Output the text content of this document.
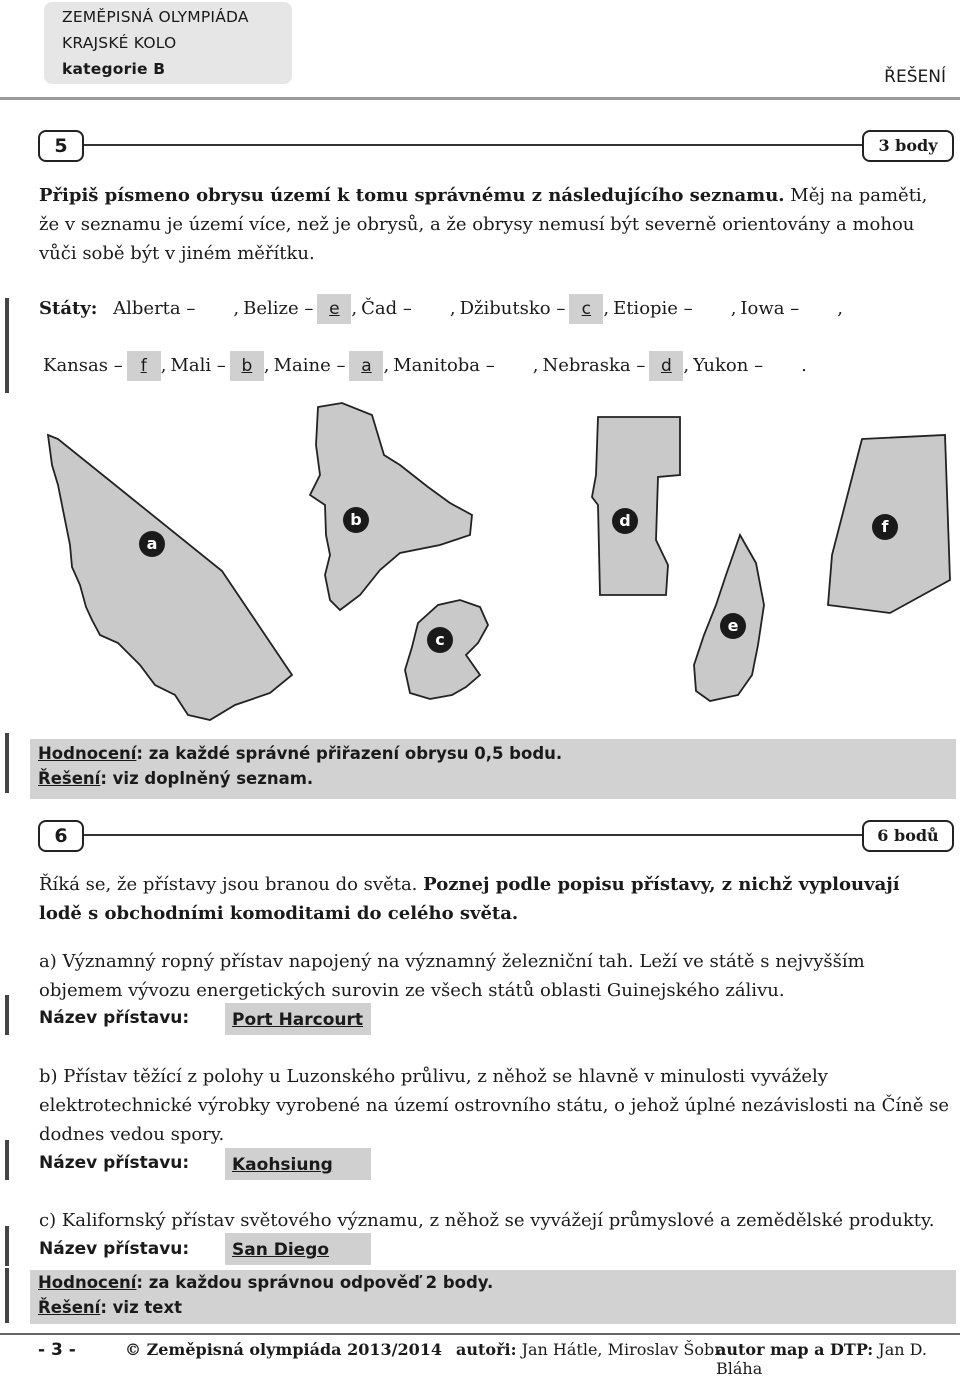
ZEMĚPISNÁ OLYMPIÁDA
KRAJSKÉ KOLO
kategorie B	ŘEŠENÍ
5	3 body

Připiš písmeno obrysu území k tomu správnému z následujícího seznamu. Měj na paměti, že v seznamu je území více, než je obrysů, a že obrysy nemusí být severně orientovány a mohou vůči sobě být v jiném měřítku.

Státy: Alberta – , Belize – e , Čad – , Džibutsko – c , Etiopie – , Iowa – ,
Kansas – f , Mali – b , Maine – a , Manitoba – , Nebraska – d , Yukon – .
a
b
c
d
e
f
Hodnocení: za každé správné přiřazení obrysu 0,5 bodu.
Řešení: viz doplněný seznam.
6	6 bodů

Říká se, že přístavy jsou branou do světa. Poznej podle popisu přístavy, z nichž vyplouvají lodě s obchodními komoditami do celého světa.

a) Významný ropný přístav napojený na významný železniční tah. Leží ve státě s nejvyšším objemem vývozu energetických surovin ze všech států oblasti Guinejského zálivu.

Název přístavu:	Port Harcourt

b) Přístav těžící z polohy u Luzonského průlivu, z něhož se hlavně v minulosti vyvážely elektrotechnické výrobky vyrobené na území ostrovního státu, o jehož úplné nezávislosti na Číně se dodnes vedou spory.

Název přístavu:	Kaohsiung

c) Kalifornský přístav světového významu, z něhož se vyvážejí průmyslové a zemědělské produkty.

Název přístavu:	San Diego
Hodnocení: za každou správnou odpověď 2 body.
Řešení: viz text
- 3 -	© Zeměpisná olympiáda 2013/2014 autoři: Jan Hátle, Miroslav Šobr
autor map a DTP: Jan D. Bláha
